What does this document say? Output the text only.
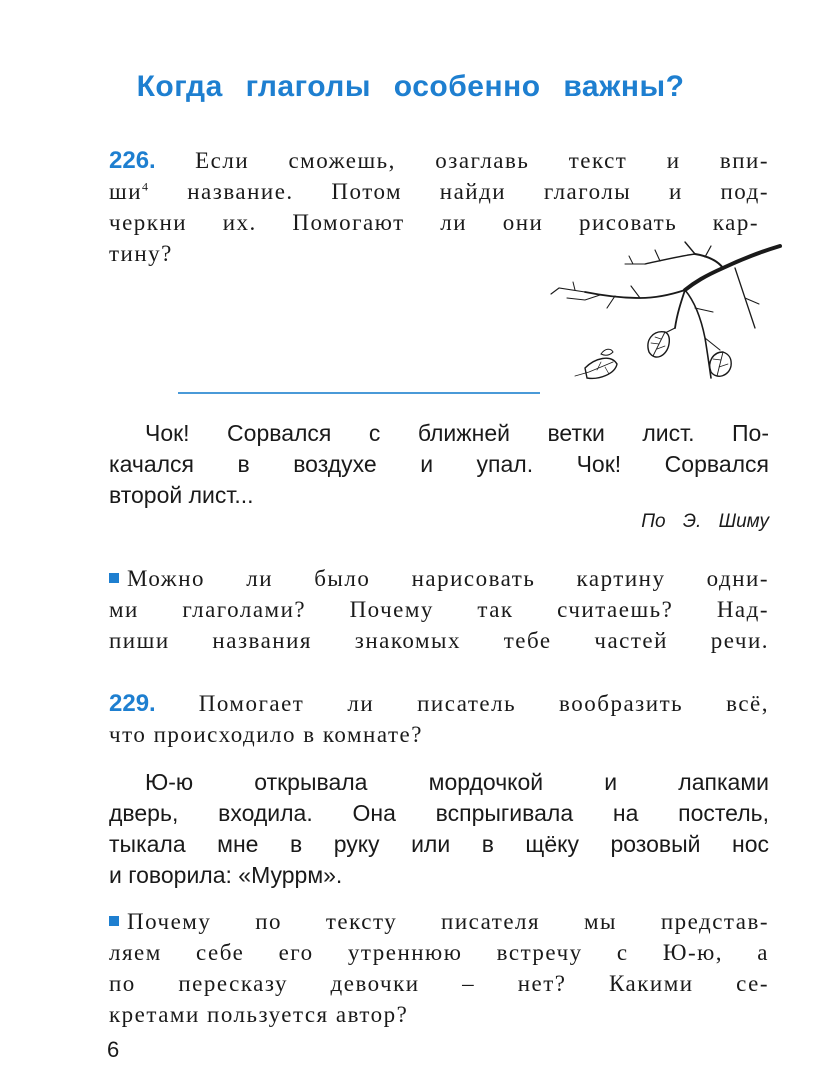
Когда глаголы особенно важны?
226. Если сможешь, озаглавь текст и впи-
$ши^4$ название. Потом найди глаголы и под-
черкни их. Помогают ли они рисовать кар-
тину?
Чок! Сорвался с ближней ветки лист. По-
качался в воздухе и упал. Чок! Сорвался
второй лист...
По Э. Шиму
Можно ли было нарисовать картину одни-
ми глаголами? Почему так считаешь? Над-
пиши названия знакомых тебе частей речи.
229. Помогает ли писатель вообразить всё,
что происходило в комнате?
Ю-ю открывала мордочкой и лапками
дверь, входила. Она вспрыгивала на постель,
тыкала мне в руку или в щёку розовый нос
и говорила: «Муррм».
Почему по тексту писателя мы представ-
ляем себе его утреннюю встречу с Ю-ю, а
по пересказу девочки – нет? Какими се-
кретами пользуется автор?
6
